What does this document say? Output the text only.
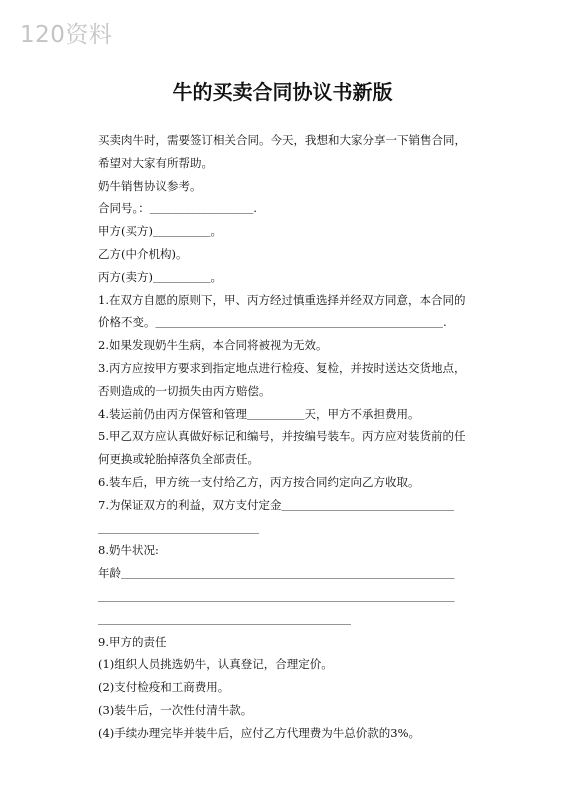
120资料
牛的买卖合同协议书新版
买卖肉牛时，需要签订相关合同。今天，我想和大家分享一下销售合同，
希望对大家有所帮助。
奶牛销售协议参考。
合同号。：＿＿＿＿＿＿＿＿＿.
甲方(买方)＿＿＿＿＿。
乙方(中介机构)。
丙方(卖方)＿＿＿＿＿。
1.在双方自愿的原则下，甲、丙方经过慎重选择并经双方同意，本合同的
价格不变。＿＿＿＿＿＿＿＿＿＿＿＿＿＿＿＿＿＿＿＿＿＿＿＿＿.
2.如果发现奶牛生病，本合同将被视为无效。
3.丙方应按甲方要求到指定地点进行检疫、复检，并按时送达交货地点，
否则造成的一切损失由丙方赔偿。
4.装运前仍由丙方保管和管理＿＿＿＿＿天，甲方不承担费用。
5.甲乙双方应认真做好标记和编号，并按编号装车。丙方应对装货前的任
何更换或轮胎掉落负全部责任。
6.装车后，甲方统一支付给乙方，丙方按合同约定向乙方收取。
7.为保证双方的利益，双方支付定金＿＿＿＿＿＿＿＿＿＿＿＿＿＿＿
＿＿＿＿＿＿＿＿＿＿＿＿＿＿
8.奶牛状况:
年龄＿＿＿＿＿＿＿＿＿＿＿＿＿＿＿＿＿＿＿＿＿＿＿＿＿＿＿＿＿
＿＿＿＿＿＿＿＿＿＿＿＿＿＿＿＿＿＿＿＿＿＿＿＿＿＿＿＿＿＿＿
＿＿＿＿＿＿＿＿＿＿＿＿＿＿＿＿＿＿＿＿＿＿
9.甲方的责任
(1)组织人员挑选奶牛，认真登记，合理定价。
(2)支付检疫和工商费用。
(3)装牛后，一次性付清牛款。
(4)手续办理完毕并装牛后，应付乙方代理费为牛总价款的3%。
